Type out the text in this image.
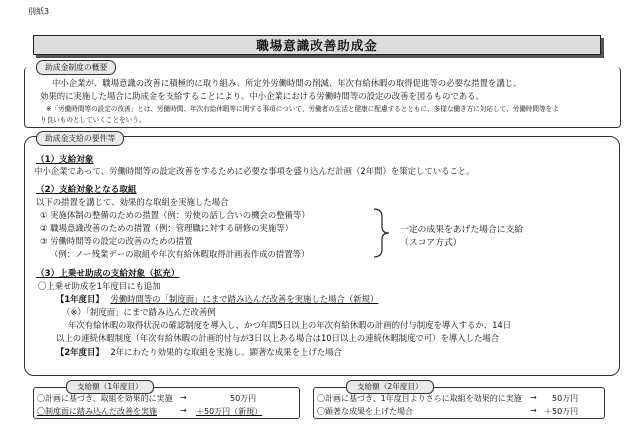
別紙3
職場意識改善助成金
助成金制度の概要
中小企業が、職場意識の改善に積極的に取り組み、所定外労働時間の削減、年次有給休暇の取得促進等の必要な措置を講じ、
効果的に実施した場合に助成金を支給することにより、中小企業における労働時間等の設定の改善を図るものである。
※「労働時間等の設定の改善」とは、労働時間、年次有給休暇等に関する事項について、労働者の生活と健康に配慮するとともに、多様な働き方に対応して、労働時間等をよ
り良いものとしていくことをいう。
助成金支給の要件等
（1）支給対象
中小企業であって、労働時間等の設定改善をするために必要な事項を盛り込んだ計画（2年間）を策定していること。
（2）支給対象となる取組
以下の措置を講じて、効果的な取組を実施した場合
① 実施体制の整備のための措置（例：労使の話し合いの機会の整備等）
② 職場意識改善のための措置（例：管理職に対する研修の実施等）
③ 労働時間等の設定の改善のための措置
（例：ノー残業デーの取組や年次有給休暇取得計画表作成の措置等）
一定の成果をあげた場合に支給
（スコア方式）
（3）上乗せ助成の支給対象（拡充）
〇上乗せ助成を1年度目にも追加
【1年度目】 労働時間等の「制度面」にまで踏み込んだ改善を実施した場合（新規）
（※）「制度面」にまで踏み込んだ改善例
年次有給休暇の取得状況の確認制度を導入し、かつ年間5日以上の年次有給休暇の計画的付与制度を導入するか、14日
以上の連続休暇制度（年次有給休暇の計画的付与が3日以上ある場合は10日以上の連続休暇制度で可）を導入した場合
【2年度目】 2年にわたり効果的な取組を実施し、顕著な成果を上げた場合
支給額（1年度目）
〇計画に基づき、取組を効果的に実施 →	50万円
〇制度面に踏み込んだ改善を実施	→ ＋50万円（新規）
支給額（2年度目）
〇計画に基づき、1年度目よりさらに取組を効果的に実施 → 50万円
〇顕著な成果を上げた場合	→ ＋50万円
